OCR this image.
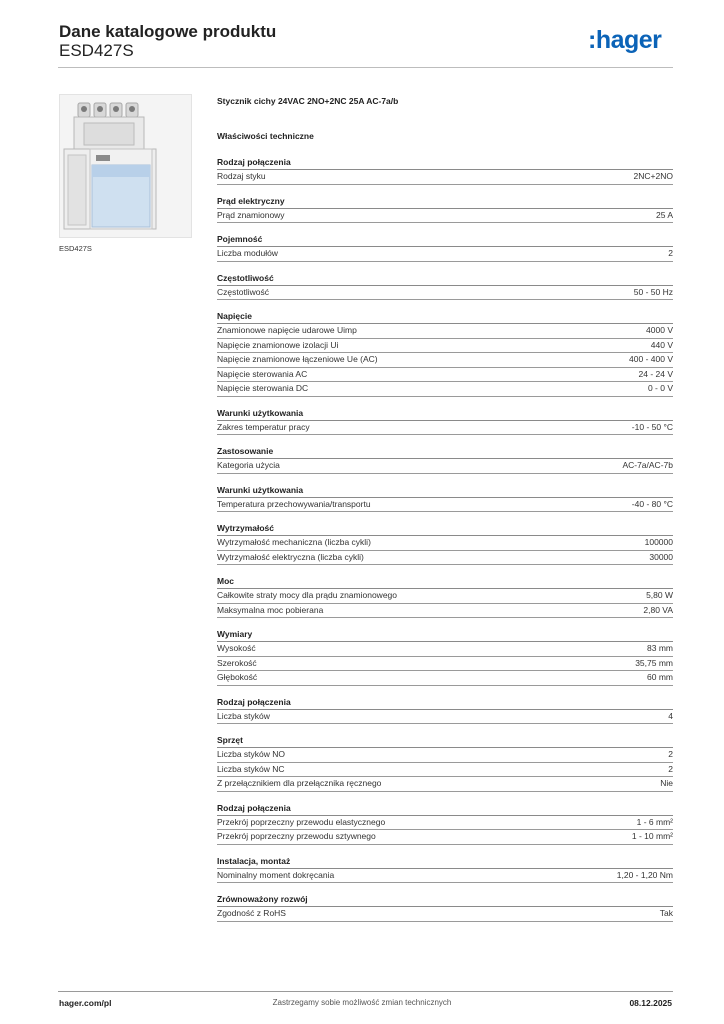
Dane katalogowe produktu
ESD427S	:hager
ESD427S
Stycznik cichy 24VAC 2NO+2NC 25A AC-7a/b
Właściwości techniczne
Rodzaj połączenia
Rodzaj styku	2NC+2NO
Prąd elektryczny
Prąd znamionowy	25 A
Pojemność
Liczba modułów	2
Częstotliwość
Częstotliwość	50 - 50 Hz
Napięcie
Znamionowe napięcie udarowe Uimp	4000 V
Napięcie znamionowe izolacji Ui	440 V
Napięcie znamionowe łączeniowe Ue (AC)	400 - 400 V
Napięcie sterowania AC	24 - 24 V
Napięcie sterowania DC	0 - 0 V
Warunki użytkowania
Zakres temperatur pracy	-10 - 50 °C
Zastosowanie
Kategoria użycia	AC-7a/AC-7b
Warunki użytkowania
Temperatura przechowywania/transportu	-40 - 80 °C
Wytrzymałość
Wytrzymałość mechaniczna (liczba cykli)	100000
Wytrzymałość elektryczna (liczba cykli)	30000
Moc
Całkowite straty mocy dla prądu znamionowego	5,80 W
Maksymalna moc pobierana	2,80 VA
Wymiary
Wysokość	83 mm
Szerokość	35,75 mm
Głębokość	60 mm
Rodzaj połączenia
Liczba styków	4
Sprzęt
Liczba styków NO	2
Liczba styków NC	2
Z przełącznikiem dla przełącznika ręcznego	Nie
Rodzaj połączenia
Przekrój poprzeczny przewodu elastycznego	1 - 6 mm²
Przekrój poprzeczny przewodu sztywnego	1 - 10 mm²
Instalacja, montaż
Nominalny moment dokręcania	1,20 - 1,20 Nm
Zrównoważony rozwój
Zgodność z RoHS	Tak
hager.com/pl	Zastrzegamy sobie możliwość zmian technicznych	08.12.2025
